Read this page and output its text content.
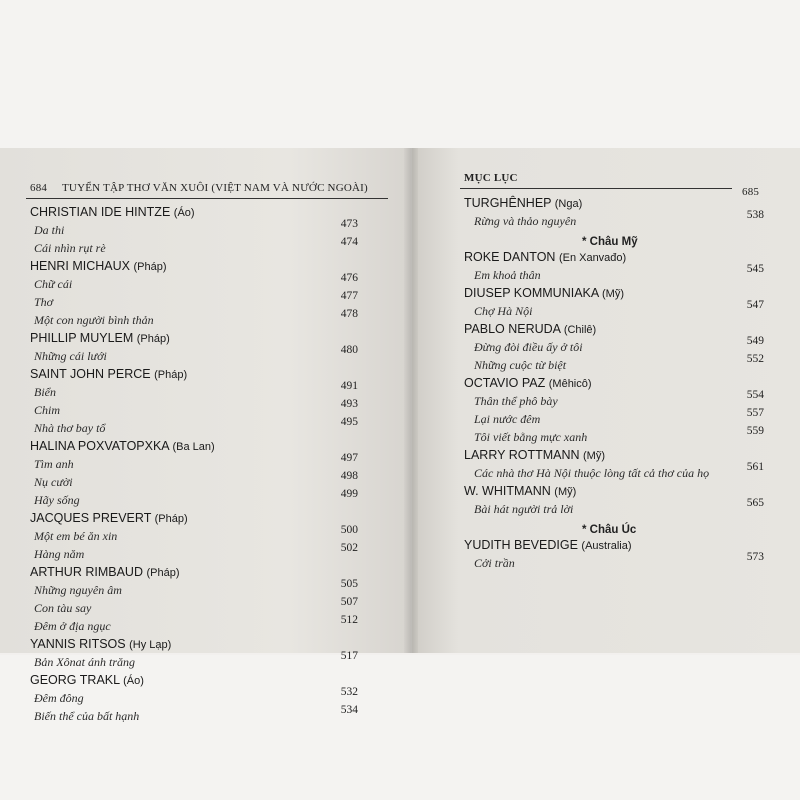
684 TUYỂN TẬP THƠ VĂN XUÔI (VIỆT NAM VÀ NƯỚC NGOÀI)
CHRISTIAN IDE HINTZE (Áo)
Da thi	473
Cái nhìn rụt rè	474
HENRI MICHAUX (Pháp)
Chữ cái	476
Thơ	477
Một con người bình thản	478
PHILLIP MUYLEM (Pháp)
Những cái lưới	480
SAINT JOHN PERCE (Pháp)
Biển	491
Chim	493
Nhà thơ bay tổ	495
HALINA POXVATOPXKA (Ba Lan)
Tìm anh	497
Nụ cười	498
Hãy sống	499
JACQUES PREVERT (Pháp)
Một em bé ăn xin	500
Hàng năm	502
ARTHUR RIMBAUD (Pháp)
Những nguyên âm	505
Con tàu say	507
Đêm ở địa ngục	512
YANNIS RITSOS (Hy Lạp)
Bản Xônat ánh trăng	517
GEORG TRAKL (Áo)
Đêm đông	532
Biến thể của bất hạnh	534
MỤC LỤC
685
TURGHÊNHEP (Nga)
Rừng và thảo nguyên	538
* Châu Mỹ
ROKE DANTON (En Xanvađo)
Em khoả thân	545
DIUSEP KOMMUNIAKA (Mỹ)
Chợ Hà Nội	547
PABLO NERUDA (Chilê)
Đừng đòi điều ấy ở tôi	549
Những cuộc từ biệt	552
OCTAVIO PAZ (Mêhicô)
Thân thể phô bày	554
Lại nước đêm	557
Tôi viết bằng mực xanh	559
LARRY ROTTMANN (Mỹ)
Các nhà thơ Hà Nội thuộc lòng tất cả thơ của họ	561
W. WHITMANN (Mỹ)
Bài hát người trả lời	565
* Châu Úc
YUDITH BEVEDIGE (Australia)
Cởi trần	573
